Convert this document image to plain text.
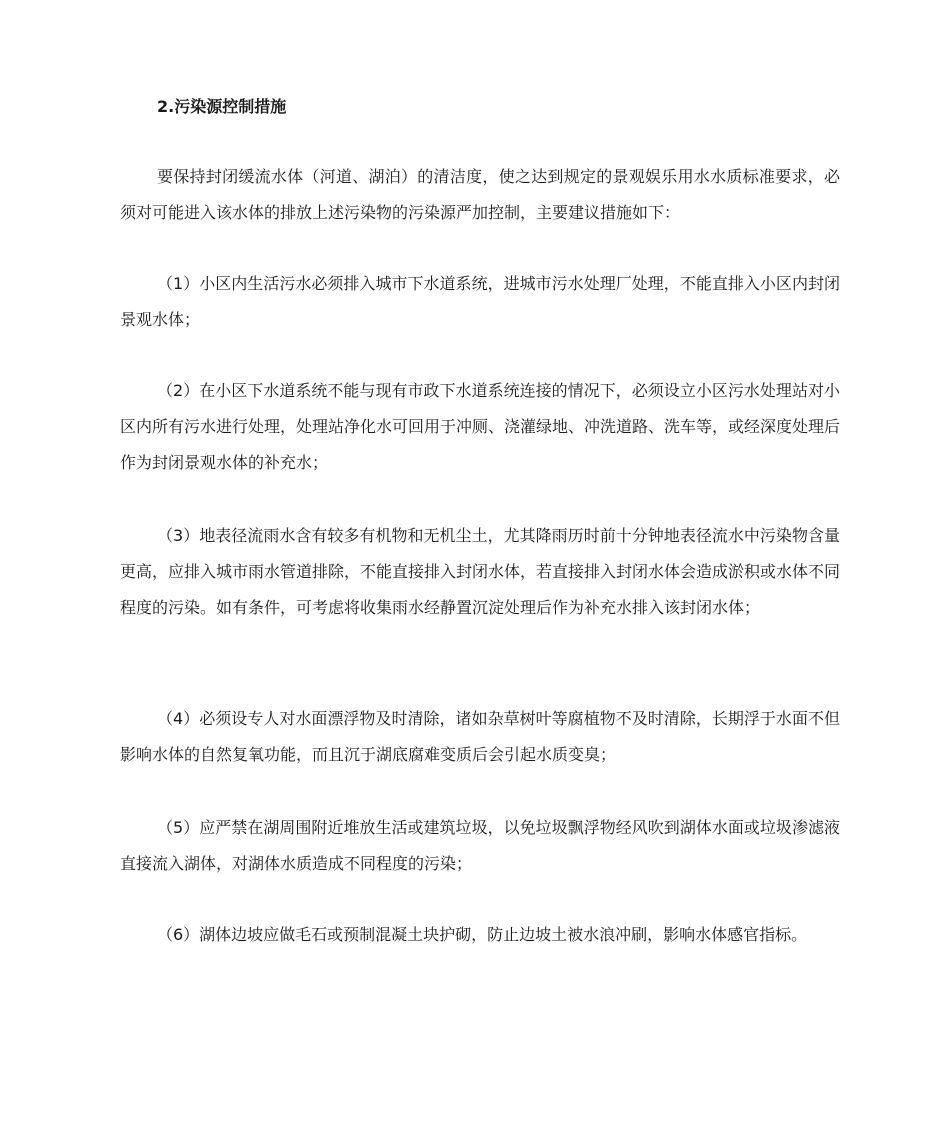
2.污染源控制措施

要保持封闭缓流水体（河道、湖泊）的清洁度，使之达到规定的景观娱乐用水水质标准要求，必须对可能进入该水体的排放上述污染物的污染源严加控制，主要建议措施如下：

（1）小区内生活污水必须排入城市下水道系统，进城市污水处理厂处理，不能直排入小区内封闭景观水体；

（2）在小区下水道系统不能与现有市政下水道系统连接的情况下，必须设立小区污水处理站对小区内所有污水进行处理，处理站净化水可回用于冲厕、浇灌绿地、冲洗道路、洗车等，或经深度处理后作为封闭景观水体的补充水；

（3）地表径流雨水含有较多有机物和无机尘土，尤其降雨历时前十分钟地表径流水中污染物含量更高，应排入城市雨水管道排除，不能直接排入封闭水体，若直接排入封闭水体会造成淤积或水体不同程度的污染。如有条件，可考虑将收集雨水经静置沉淀处理后作为补充水排入该封闭水体；

（4）必须设专人对水面漂浮物及时清除，诸如杂草树叶等腐植物不及时清除，长期浮于水面不但影响水体的自然复氧功能，而且沉于湖底腐难变质后会引起水质变臭；

（5）应严禁在湖周围附近堆放生活或建筑垃圾，以免垃圾飘浮物经风吹到湖体水面或垃圾渗滤液直接流入湖体，对湖体水质造成不同程度的污染；

（6）湖体边坡应做毛石或预制混凝土块护砌，防止边坡土被水浪冲刷，影响水体感官指标。
